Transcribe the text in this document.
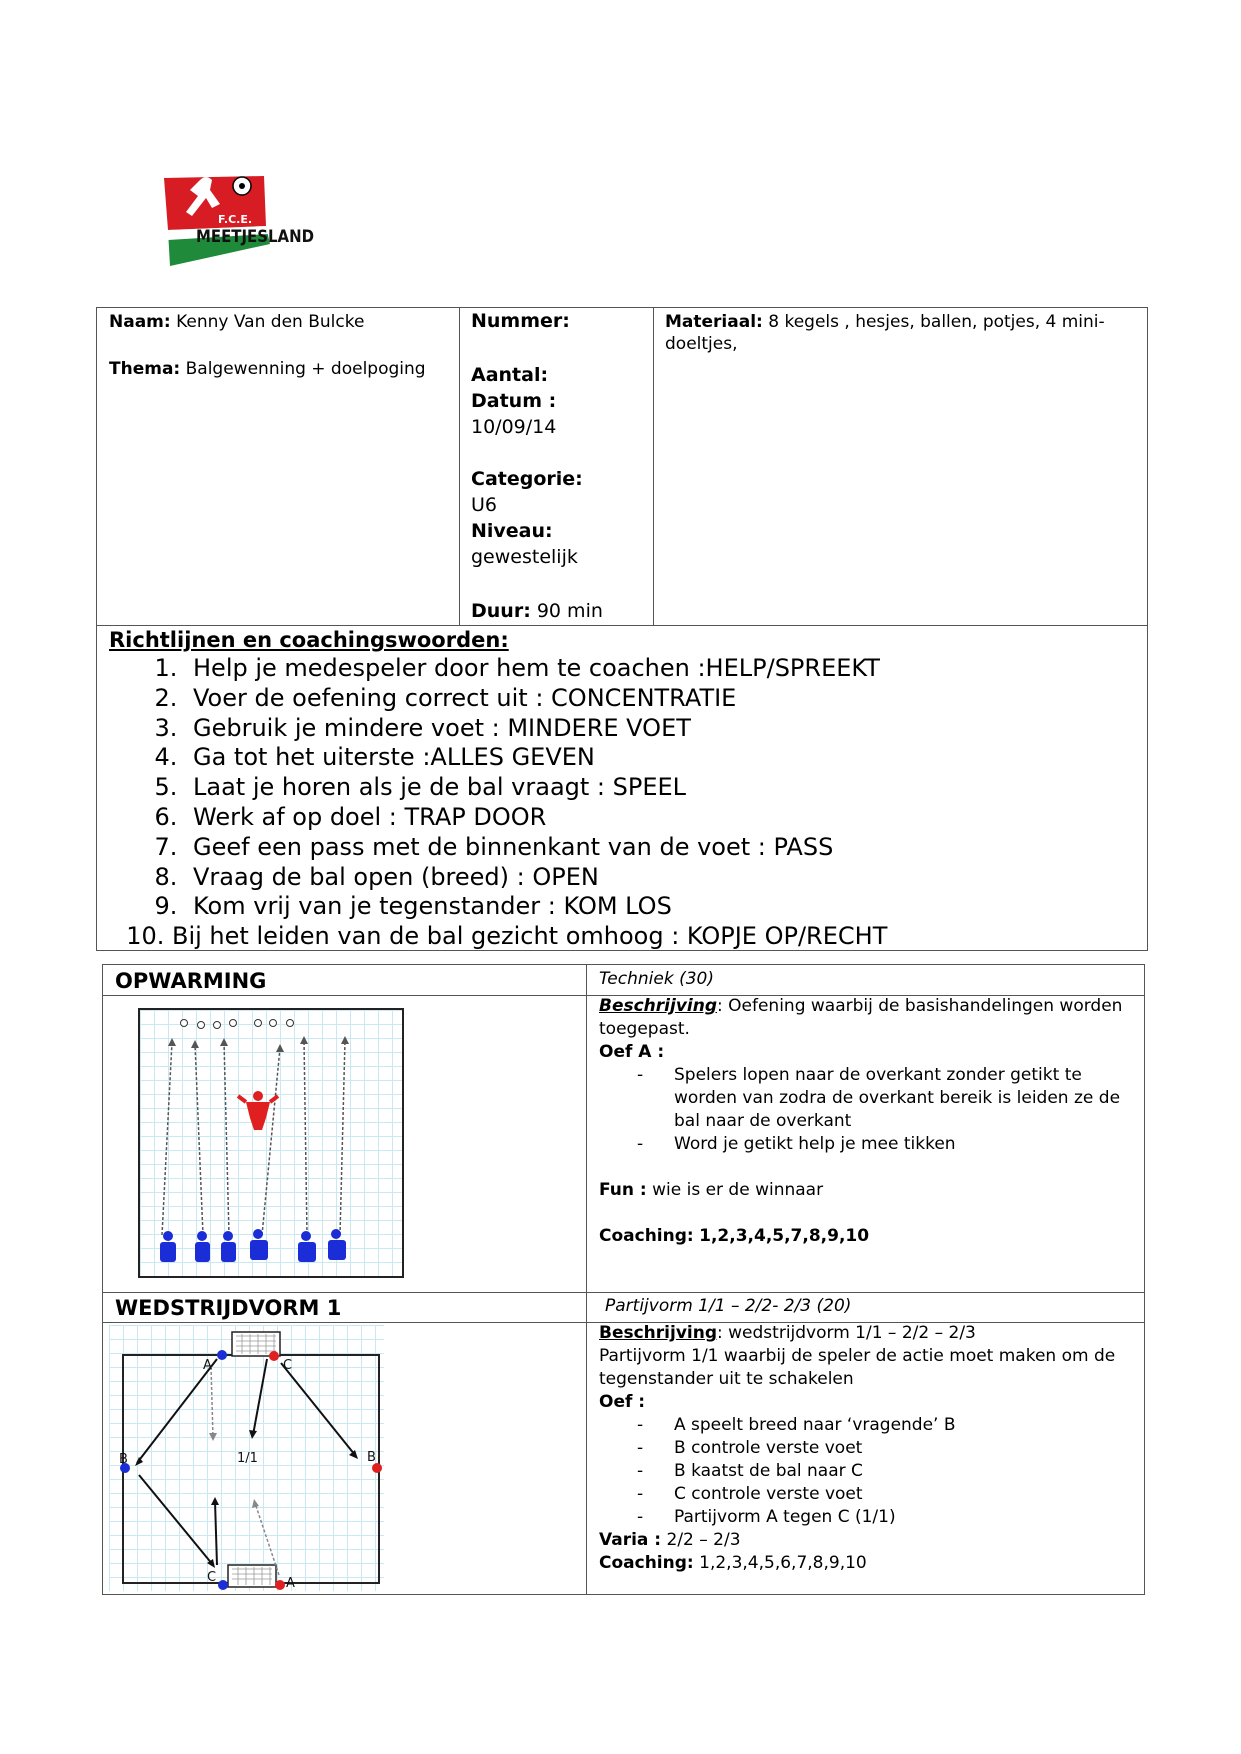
F.C.E.
MEETJESLAND
Naam: Kenny Van den Bulcke
Thema: Balgewenning + doelpoging
Nummer:
Aantal:
Datum :
10/09/14
Categorie:
U6
Niveau:
gewestelijk
Duur: 90 min
Materiaal: 8 kegels , hesjes, ballen, potjes, 4 mini-doeltjes,
Richtlijnen en coachingswoorden:
1. Help je medespeler door hem te coachen :HELP/SPREEKT
2. Voer de oefening correct uit : CONCENTRATIE
3. Gebruik je mindere voet : MINDERE VOET
4. Ga tot het uiterste :ALLES GEVEN
5. Laat je horen als je de bal vraagt : SPEEL
6. Werk af op doel : TRAP DOOR
7. Geef een pass met de binnenkant van de voet : PASS
8. Vraag de bal open (breed) : OPEN
9. Kom vrij van je tegenstander : KOM LOS
10. Bij het leiden van de bal gezicht omhoog : KOPJE OP/RECHT
OPWARMING	Techniek (30)
Beschrijving: Oefening waarbij de basishandelingen worden toegepast.
Oef A :
- Spelers lopen naar de overkant zonder getikt te worden van zodra de overkant bereik is leiden ze de bal naar de overkant
- Word je getikt help je mee tikken
Fun : wie is er de winnaar
Coaching: 1,2,3,4,5,7,8,9,10
WEDSTRIJDVORM 1	Partijvorm 1/1 – 2/2- 2/3 (20)
A	C
B	B
C	A
1/1
Beschrijving: wedstrijdvorm 1/1 – 2/2 – 2/3
Partijvorm 1/1 waarbij de speler de actie moet maken om de tegenstander uit te schakelen
Oef :
- A speelt breed naar ‘vragende’ B
- B controle verste voet
- B kaatst de bal naar C
- C controle verste voet
- Partijvorm A tegen C (1/1)
Varia : 2/2 – 2/3
Coaching: 1,2,3,4,5,6,7,8,9,10
